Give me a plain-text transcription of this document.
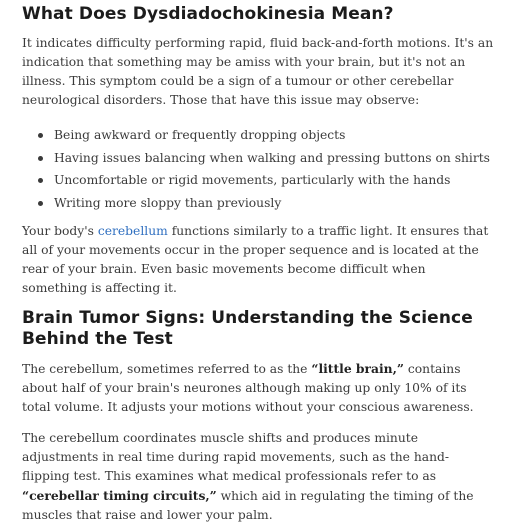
What Does Dysdiadochokinesia Mean?

It indicates difficulty performing rapid, fluid back-and-forth motions. It's an indication that something may be amiss with your brain, but it's not an illness. This symptom could be a sign of a tumour or other cerebellar neurological disorders. Those that have this issue may observe:

Being awkward or frequently dropping objects
Having issues balancing when walking and pressing buttons on shirts
Uncomfortable or rigid movements, particularly with the hands
Writing more sloppy than previously

Your body's cerebellum functions similarly to a traffic light. It ensures that all of your movements occur in the proper sequence and is located at the rear of your brain. Even basic movements become difficult when something is affecting it.

Brain Tumor Signs: Understanding the Science Behind the Test

The cerebellum, sometimes referred to as the “little brain,” contains about half of your brain's neurones although making up only 10% of its total volume. It adjusts your motions without your conscious awareness.

The cerebellum coordinates muscle shifts and produces minute adjustments in real time during rapid movements, such as the hand-flipping test. This examines what medical professionals refer to as “cerebellar timing circuits,” which aid in regulating the timing of the muscles that raise and lower your palm.
